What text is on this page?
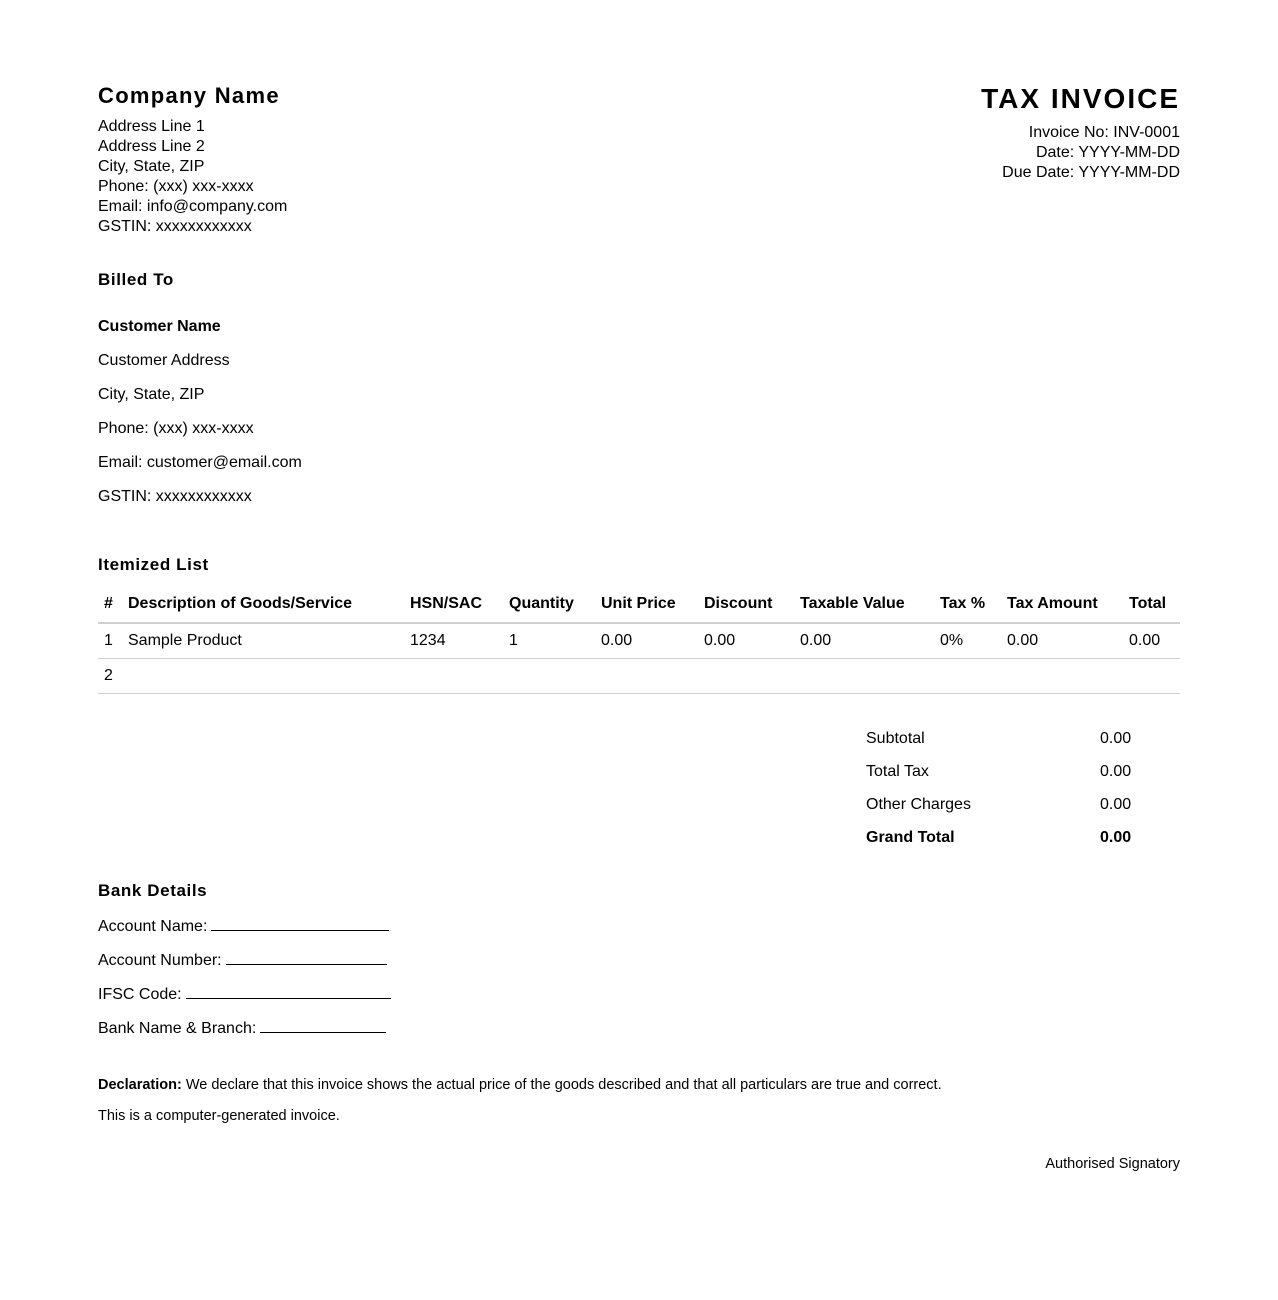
Company Name
Address Line 1
Address Line 2
City, State, ZIP
Phone: (xxx) xxx-xxxx
Email: info@company.com
GSTIN: xxxxxxxxxxxx
TAX INVOICE
Invoice No: INV-0001
Date: YYYY-MM-DD
Due Date: YYYY-MM-DD
Billed To
Customer Name
Customer Address
City, State, ZIP
Phone: (xxx) xxx-xxxx
Email: customer@email.com
GSTIN: xxxxxxxxxxxx
Itemized List
#	Description of Goods/Service	HSN/SAC	Quantity	Unit Price	Discount	Taxable Value	Tax %	Tax Amount	Total
1	Sample Product	1234	1	0.00	0.00	0.00	0%	0.00	0.00
2									
Subtotal	0.00
Total Tax	0.00
Other Charges	0.00
Grand Total	0.00
Bank Details
Account Name:
Account Number:
IFSC Code:
Bank Name & Branch:
Declaration: We declare that this invoice shows the actual price of the goods described and that all particulars are true and correct.
This is a computer-generated invoice.
Authorised Signatory
